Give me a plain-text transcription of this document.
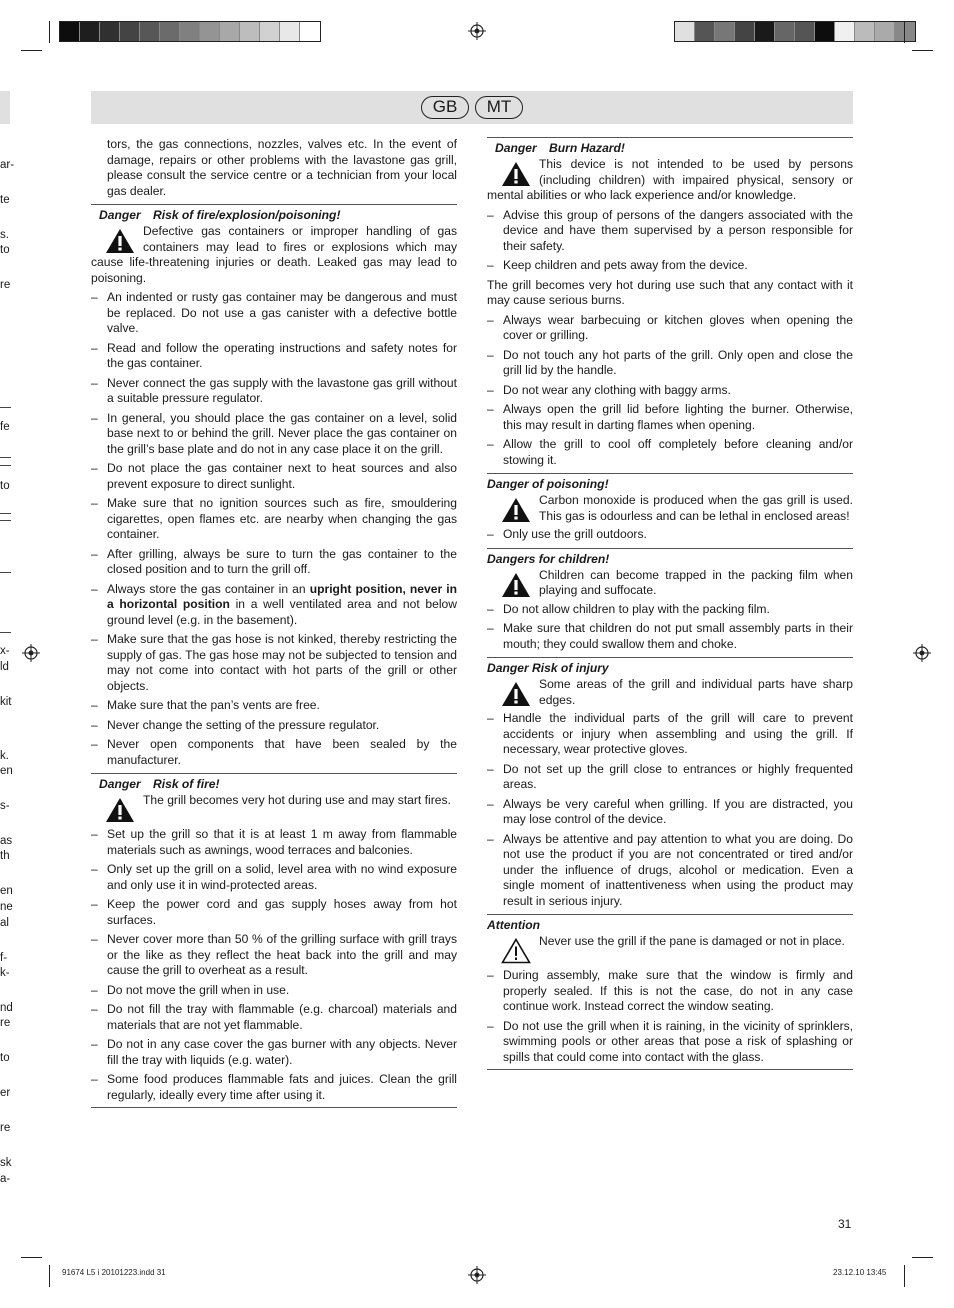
ar-
te
s.
to
re
fe
to
x-
ld
kit
k.
en
s-
as
th
en
ne
al
f-
k-
nd
re
to
er
re
sk
a-
GB	MT

tors, the gas connections, nozzles, valves etc. In the event of damage, repairs or other problems with the lavastone gas grill, please consult the service centre or a technician from your local gas dealer.

Danger Risk of fire/explosion/poisoning!

Defective gas containers or improper handling of gas containers may lead to fires or explosions which may cause life-threatening injuries or death. Leaked gas may lead to poisoning.

– An indented or rusty gas container may be dangerous and must be replaced. Do not use a gas canister with a defective bottle valve.
– Read and follow the operating instructions and safety notes for the gas container.
– Never connect the gas supply with the lavastone gas grill without a suitable pressure regulator.
– In general, you should place the gas container on a level, solid base next to or behind the grill. Never place the gas container on the grill’s base plate and do not in any case place it on the grill.
– Do not place the gas container next to heat sources and also prevent exposure to direct sunlight.
– Make sure that no ignition sources such as fire, smouldering cigarettes, open flames etc. are nearby when changing the gas container.
– After grilling, always be sure to turn the gas container to the closed position and to turn the grill off.
– Always store the gas container in an upright position, never in a horizontal position in a well ventilated area and not below ground level (e.g. in the basement).
– Make sure that the gas hose is not kinked, thereby restricting the supply of gas. The gas hose may not be subjected to tension and may not come into contact with hot parts of the grill or other objects.
– Make sure that the pan’s vents are free.
– Never change the setting of the pressure regulator.
– Never open components that have been sealed by the manufacturer.
Danger Risk of fire!

The grill becomes very hot during use and may start fires.

– Set up the grill so that it is at least 1 m away from flammable materials such as awnings, wood terraces and balconies.
– Only set up the grill on a solid, level area with no wind exposure and only use it in wind-protected areas.
– Keep the power cord and gas supply hoses away from hot surfaces.
– Never cover more than 50 % of the grilling surface with grill trays or the like as they reflect the heat back into the grill and may cause the grill to overheat as a result.
– Do not move the grill when in use.
– Do not fill the tray with flammable (e.g. charcoal) materials and materials that are not yet flammable.
– Do not in any case cover the gas burner with any objects. Never fill the tray with liquids (e.g. water).
– Some food produces flammable fats and juices. Clean the grill regularly, ideally every time after using it.
Danger Burn Hazard!

This device is not intended to be used by persons (including children) with impaired physical, sensory or mental abilities or who lack experience and/or knowledge.

– Advise this group of persons of the dangers associated with the device and have them supervised by a person responsible for their safety.
– Keep children and pets away from the device.

The grill becomes very hot during use such that any contact with it may cause serious burns.

– Always wear barbecuing or kitchen gloves when opening the cover or grilling.
– Do not touch any hot parts of the grill. Only open and close the grill lid by the handle.
– Do not wear any clothing with baggy arms.
– Always open the grill lid before lighting the burner. Otherwise, this may result in darting flames when opening.
– Allow the grill to cool off completely before cleaning and/or stowing it.
Danger of poisoning!

Carbon monoxide is produced when the gas grill is used. This gas is odourless and can be lethal in enclosed areas!

– Only use the grill outdoors.
Dangers for children!

Children can become trapped in the packing film when playing and suffocate.

– Do not allow children to play with the packing film.
– Make sure that children do not put small assembly parts in their mouth; they could swallow them and choke.
Danger Risk of injury

Some areas of the grill and individual parts have sharp edges.

– Handle the individual parts of the grill will care to prevent accidents or injury when assembling and using the grill. If necessary, wear protective gloves.
– Do not set up the grill close to entrances or highly frequented areas.
– Always be very careful when grilling. If you are distracted, you may lose control of the device.
– Always be attentive and pay attention to what you are doing. Do not use the product if you are not concentrated or tired and/or under the influence of drugs, alcohol or medication. Even a single moment of inattentiveness when using the product may result in serious injury.
Attention

Never use the grill if the pane is damaged or not in place.

– During assembly, make sure that the window is firmly and properly sealed. If this is not the case, do not in any case continue work. Instead correct the window seating.
– Do not use the grill when it is raining, in the vicinity of sprinklers, swimming pools or other areas that pose a risk of splashing or spills that could come into contact with the glass.
31
91674 L5 i 20101223.indd 31	23.12.10 13:45
